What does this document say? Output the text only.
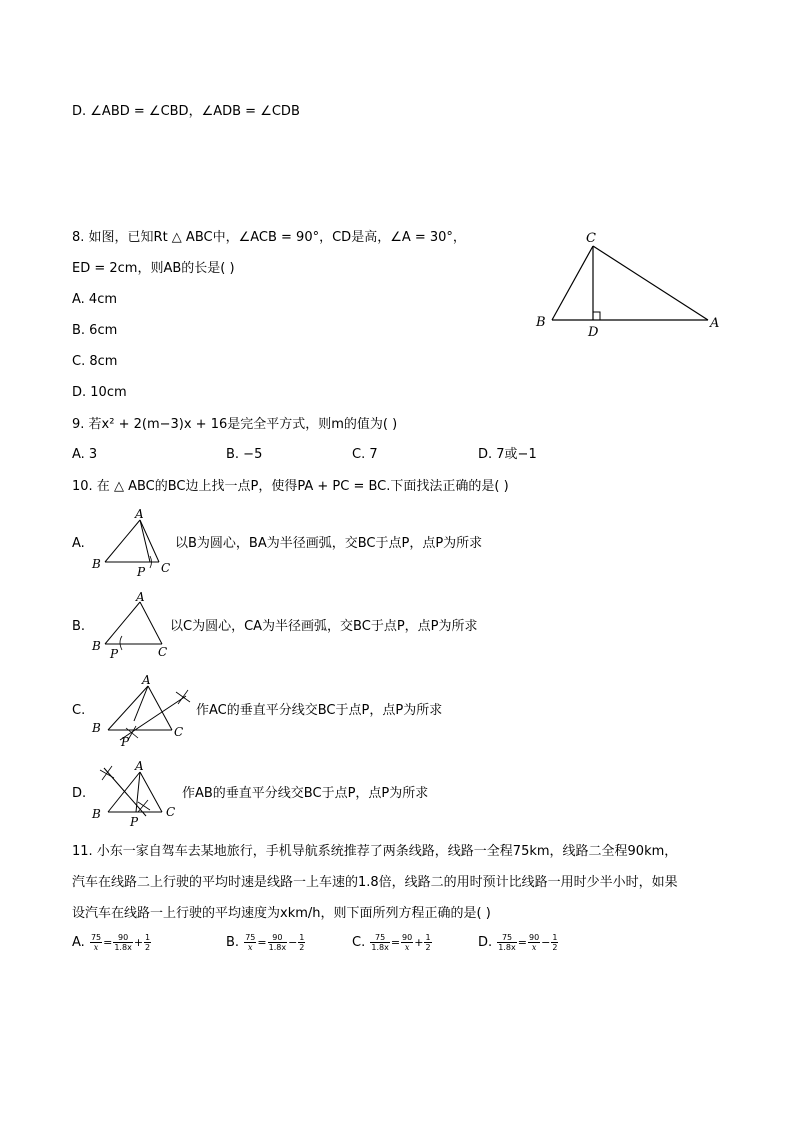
D. ∠ABD = ∠CBD，∠ADB = ∠CDB
8. 如图，已知Rt △ ABC中，∠ACB = 90°，CD是高，∠A = 30°，
ED = 2cm，则AB的长是( )
A. 4cm
B. 6cm
C. 8cm
D. 10cm
C
B
D
A
9. 若x² + 2(m−3)x + 16是完全平方式，则m的值为( )
A. 3	B. −5	C. 7	D. 7或−1
10. 在 △ ABC的BC边上找一点P，使得PA + PC = BC.下面找法正确的是( )
A.
A
B
P C
以B为圆心，BA为半径画弧，交BC于点P，点P为所求
B.
A
B
P	C
以C为圆心，CA为半径画弧，交BC于点P，点P为所求
C.
A
B
P
C
作AC的垂直平分线交BC于点P，点P为所求
D.
A
B
P
C
作AB的垂直平分线交BC于点P，点P为所求
11. 小东一家自驾车去某地旅行，手机导航系统推荐了两条线路，线路一全程75km，线路二全程90km，
汽车在线路二上行驶的平均时速是线路一上车速的1.8倍，线路二的用时预计比线路一用时少半小时，如果
设汽车在线路一上行驶的平均速度为xkm/h，则下面所列方程正确的是( )
A. $\frac{75}{x} = \frac{90}{1.8x} + \frac{1}{2}$	B. $\frac{75}{x} = \frac{90}{1.8x} - \frac{1}{2}$	C. $\frac{75}{1.8x} = \frac{90}{x} + \frac{1}{2}$	D. $\frac{75}{1.8x} = \frac{90}{x} - \frac{1}{2}$
